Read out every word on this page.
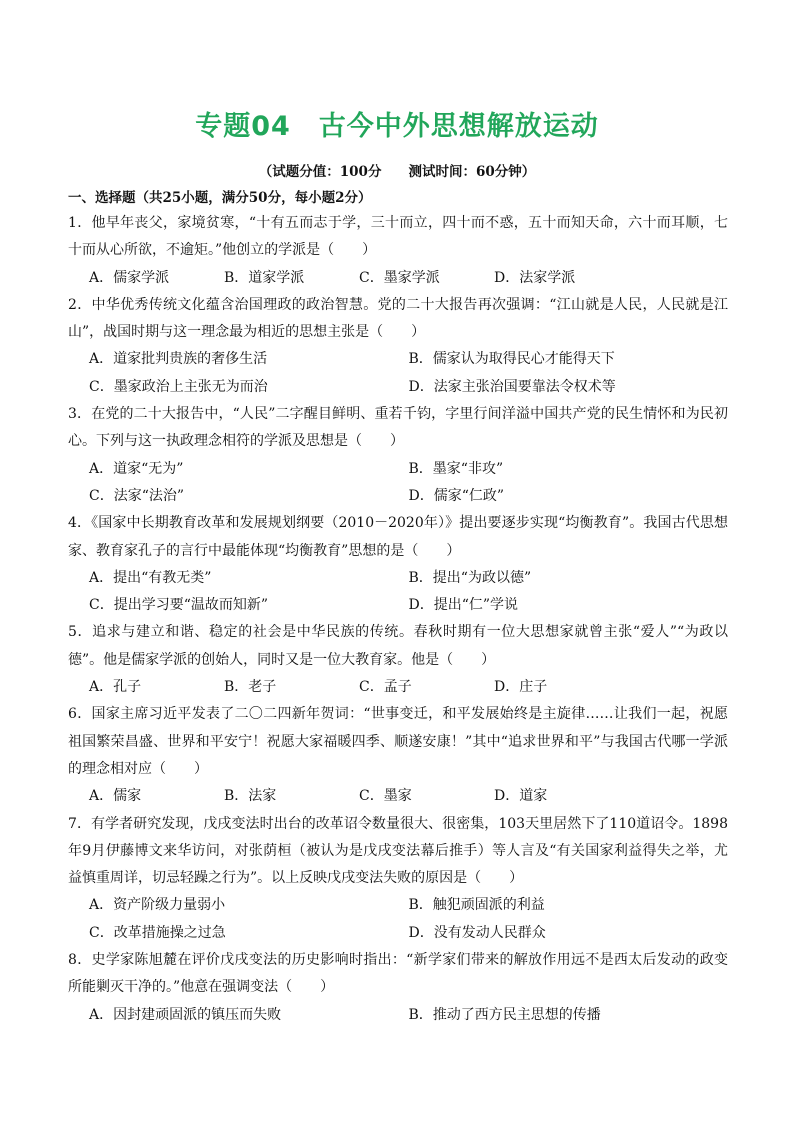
专题04　古今中外思想解放运动
（试题分值：100分　　测试时间：60分钟）
一、选择题（共25小题，满分50分，每小题2分）
1．他早年丧父，家境贫寒，“十有五而志于学，三十而立，四十而不惑，五十而知天命，六十而耳顺，七十而从心所欲，不逾矩。”他创立的学派是（　　）
A．儒家学派	B．道家学派	C．墨家学派	D．法家学派
2．中华优秀传统文化蕴含治国理政的政治智慧。党的二十大报告再次强调：“江山就是人民，人民就是江山”，战国时期与这一理念最为相近的思想主张是（　　）
A．道家批判贵族的奢侈生活	B．儒家认为取得民心才能得天下
C．墨家政治上主张无为而治	D．法家主张治国要靠法令权术等
3．在党的二十大报告中，“人民”二字醒目鲜明、重若千钧，字里行间洋溢中国共产党的民生情怀和为民初心。下列与这一执政理念相符的学派及思想是（　　）
A．道家“无为”	B．墨家“非攻”
C．法家“法治”	D．儒家“仁政”
4．《国家中长期教育改革和发展规划纲要（2010－2020年）》提出要逐步实现“均衡教育”。我国古代思想家、教育家孔子的言行中最能体现“均衡教育”思想的是（　　）
A．提出“有教无类”	B．提出“为政以德”
C．提出学习要“温故而知新”	D．提出“仁”学说
5．追求与建立和谐、稳定的社会是中华民族的传统。春秋时期有一位大思想家就曾主张“爱人”“为政以德”。他是儒家学派的创始人，同时又是一位大教育家。他是（　　）
A．孔子	B．老子	C．孟子	D．庄子
6．国家主席习近平发表了二〇二四新年贺词：“世事变迁，和平发展始终是主旋律……让我们一起，祝愿祖国繁荣昌盛、世界和平安宁！祝愿大家福暖四季、顺遂安康！”其中“追求世界和平”与我国古代哪一学派的理念相对应（　　）
A．儒家	B．法家	C．墨家	D．道家
7．有学者研究发现，戊戌变法时出台的改革诏令数量很大、很密集，103天里居然下了110道诏令。1898年9月伊藤博文来华访问，对张荫桓（被认为是戊戌变法幕后推手）等人言及“有关国家利益得失之举，尤益慎重周详，切忌轻躁之行为”。以上反映戊戌变法失败的原因是（　　）
A．资产阶级力量弱小	B．触犯顽固派的利益
C．改革措施操之过急	D．没有发动人民群众
8．史学家陈旭麓在评价戊戌变法的历史影响时指出：“新学家们带来的解放作用远不是西太后发动的政变所能剿灭干净的。”他意在强调变法（　　）
A．因封建顽固派的镇压而失败	B．推动了西方民主思想的传播
